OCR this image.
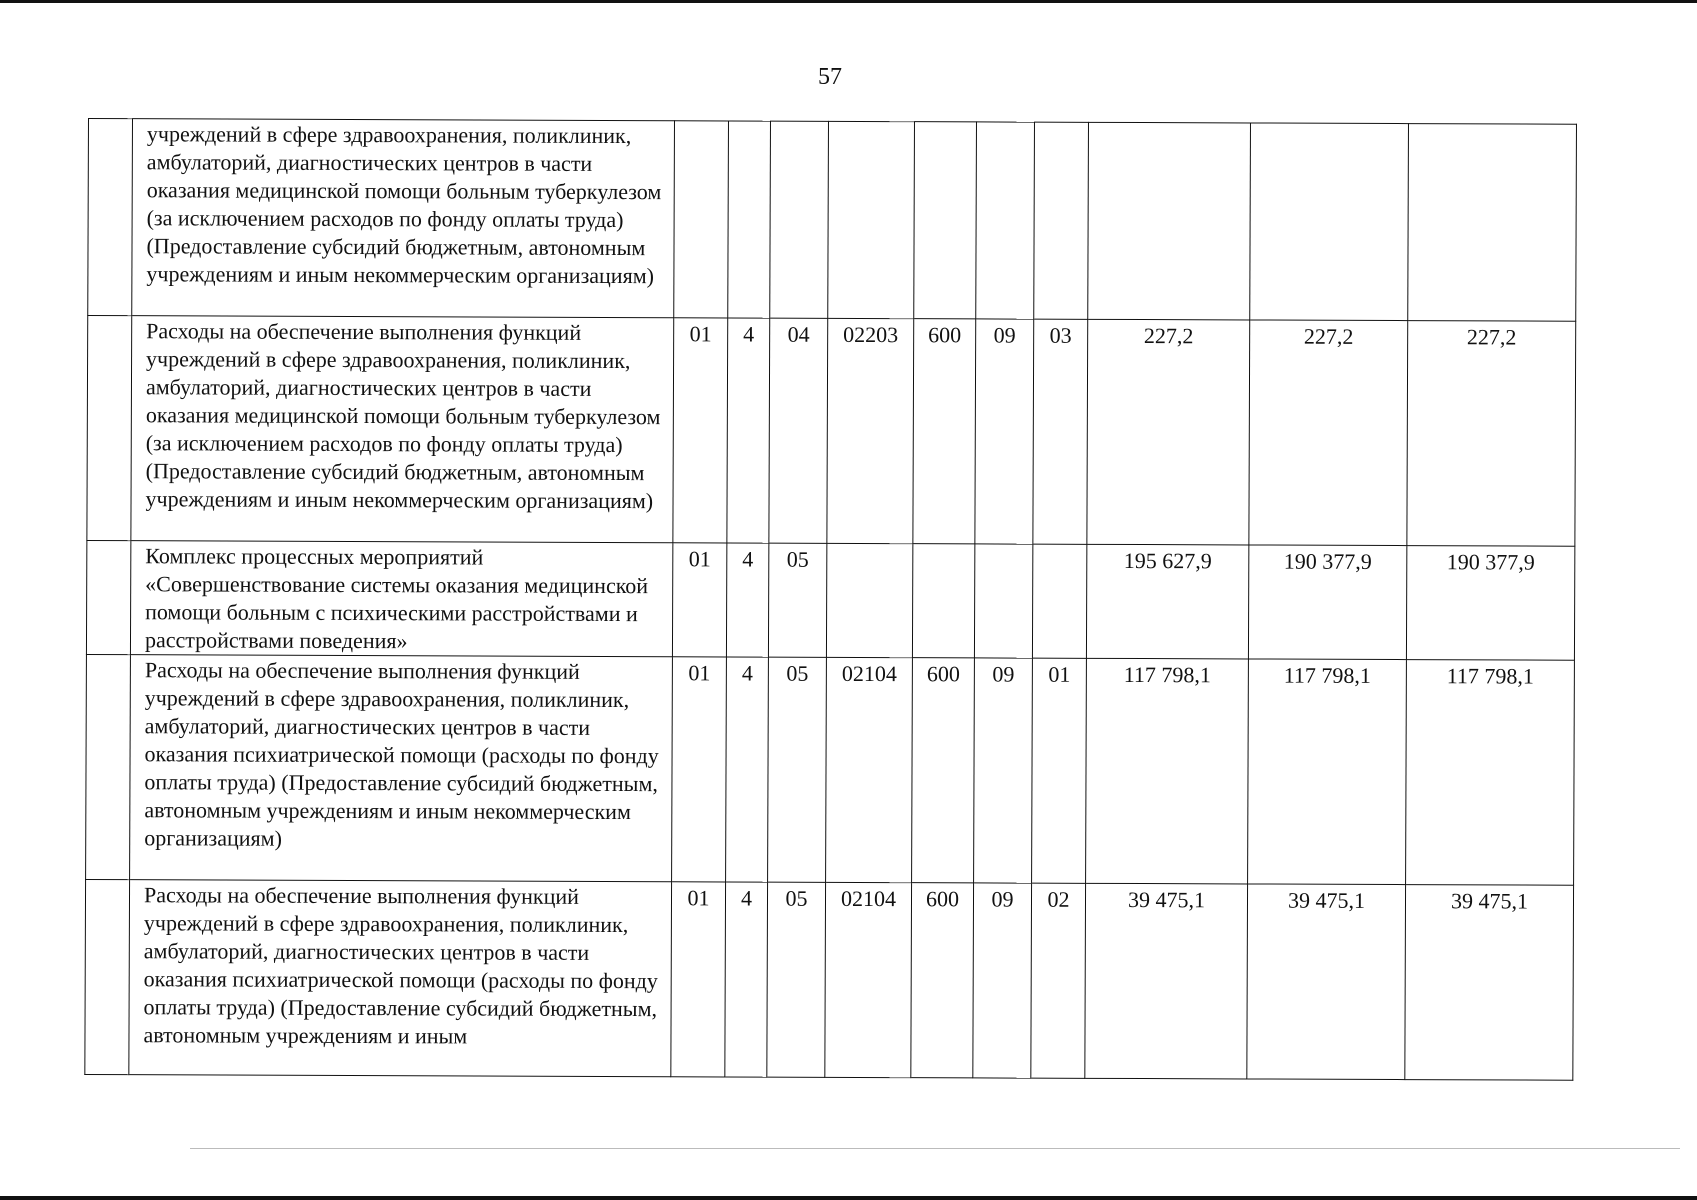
57
	учреждений в сфере здравоохранения, поликлиник, амбулаторий, диагностических центров в части оказания медицинской помощи больным туберкулезом (за исключением расходов по фонду оплаты труда) (Предоставление субсидий бюджетным, автономным учреждениям и иным некоммерческим организациям)										
	Расходы на обеспечение выполнения функций учреждений в сфере здравоохранения, поликлиник, амбулаторий, диагностических центров в части оказания медицинской помощи больным туберкулезом (за исключением расходов по фонду оплаты труда) (Предоставление субсидий бюджетным, автономным учреждениям и иным некоммерческим организациям)	01	4	04	02203	600	09	03	227,2	227,2	227,2
	Комплекс процессных мероприятий «Совершенствование системы оказания медицинской помощи больным с психическими расстройствами и расстройствами поведения»	01	4	05					195 627,9	190 377,9	190 377,9
	Расходы на обеспечение выполнения функций учреждений в сфере здравоохранения, поликлиник, амбулаторий, диагностических центров в части оказания психиатрической помощи (расходы по фонду оплаты труда) (Предоставление субсидий бюджетным, автономным учреждениям и иным некоммерческим организациям)	01	4	05	02104	600	09	01	117 798,1	117 798,1	117 798,1
	Расходы на обеспечение выполнения функций учреждений в сфере здравоохранения, поликлиник, амбулаторий, диагностических центров в части оказания психиатрической помощи (расходы по фонду оплаты труда) (Предоставление субсидий бюджетным, автономным учреждениям и иным	01	4	05	02104	600	09	02	39 475,1	39 475,1	39 475,1
